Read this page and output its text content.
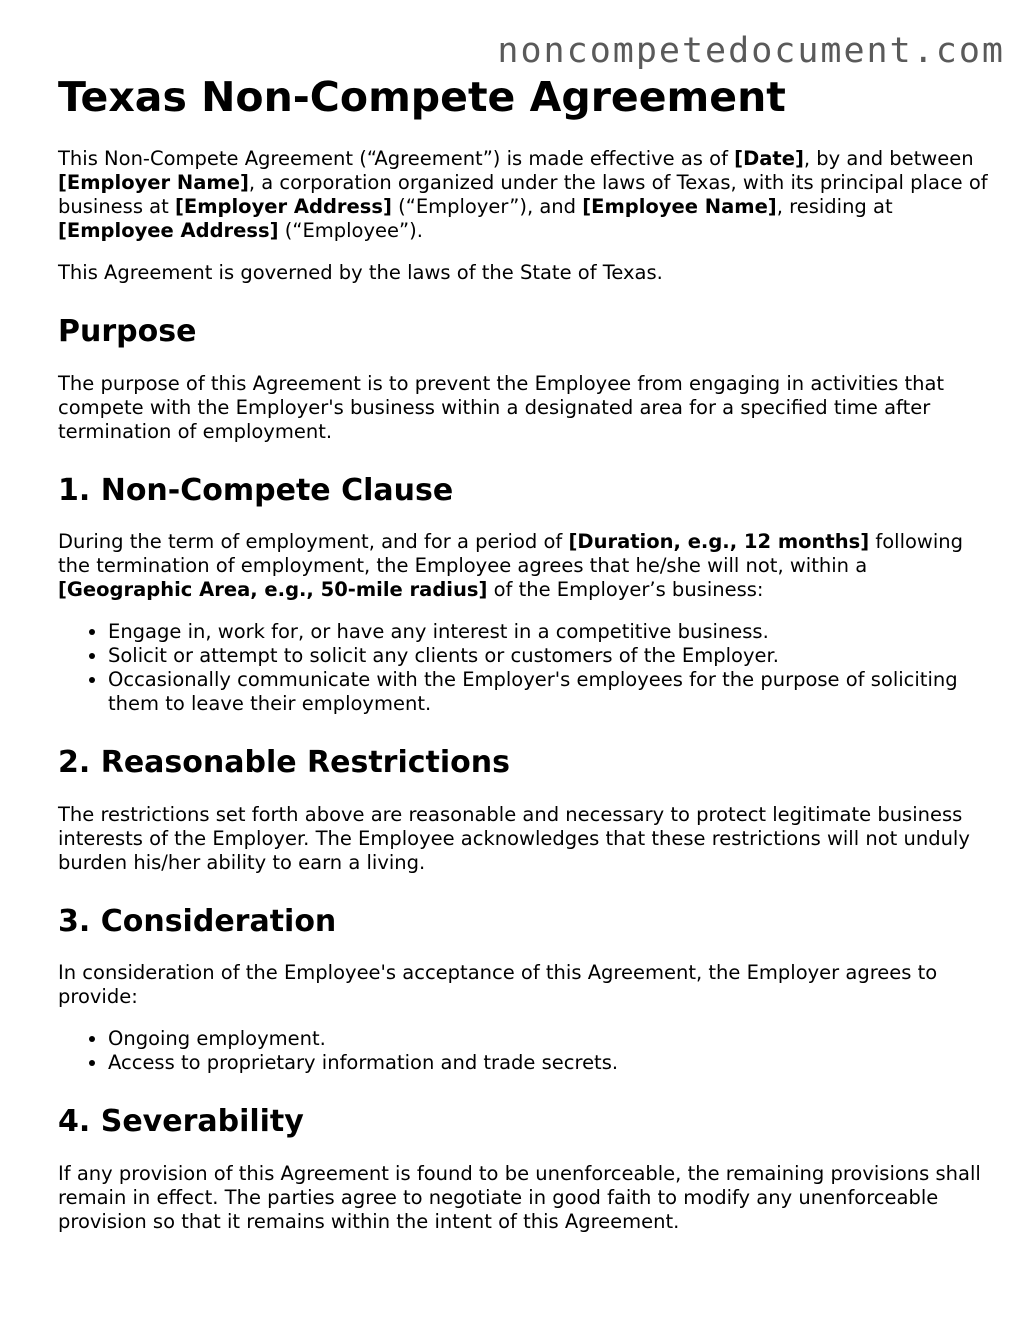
noncompetedocument.com
Texas Non-Compete Agreement

This Non-Compete Agreement (“Agreement”) is made effective as of [Date], by and between [Employer Name], a corporation organized under the laws of Texas, with its principal place of business at [Employer Address] (“Employer”), and [Employee Name], residing at [Employee Address] (“Employee”).

This Agreement is governed by the laws of the State of Texas.

Purpose

The purpose of this Agreement is to prevent the Employee from engaging in activities that compete with the Employer's business within a designated area for a specified time after termination of employment.

1. Non-Compete Clause

During the term of employment, and for a period of [Duration, e.g., 12 months] following the termination of employment, the Employee agrees that he/she will not, within a [Geographic Area, e.g., 50-mile radius] of the Employer’s business:

• Engage in, work for, or have any interest in a competitive business.
• Solicit or attempt to solicit any clients or customers of the Employer.
• Occasionally communicate with the Employer's employees for the purpose of soliciting them to leave their employment.
2. Reasonable Restrictions

The restrictions set forth above are reasonable and necessary to protect legitimate business interests of the Employer. The Employee acknowledges that these restrictions will not unduly burden his/her ability to earn a living.

3. Consideration

In consideration of the Employee's acceptance of this Agreement, the Employer agrees to provide:

• Ongoing employment.
• Access to proprietary information and trade secrets.
4. Severability

If any provision of this Agreement is found to be unenforceable, the remaining provisions shall remain in effect. The parties agree to negotiate in good faith to modify any unenforceable provision so that it remains within the intent of this Agreement.
